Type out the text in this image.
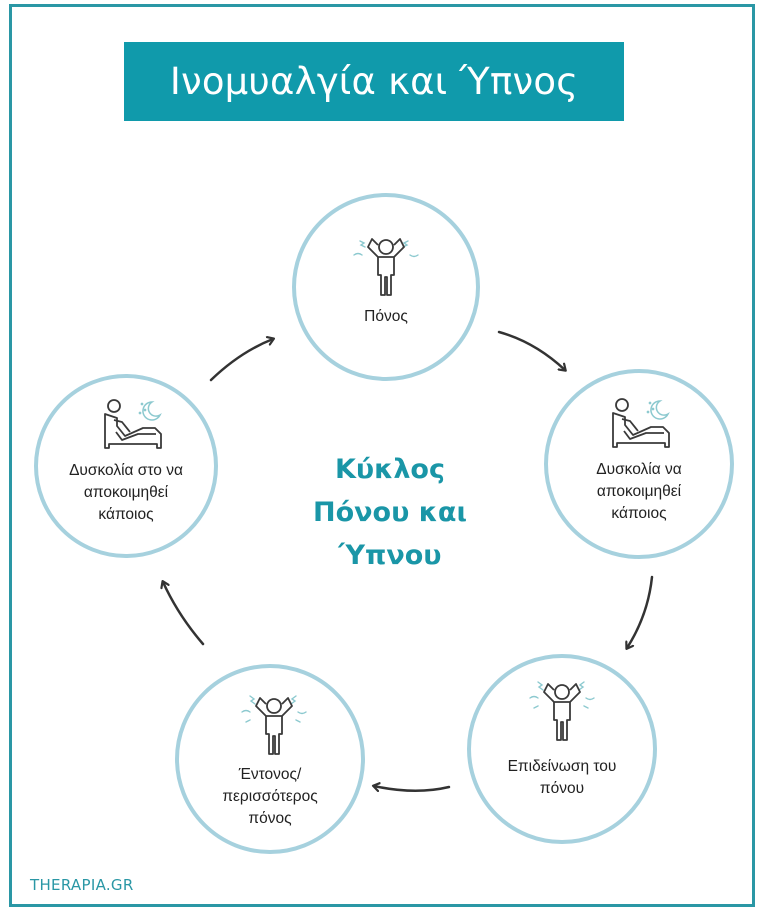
Ινομυαλγία και Ύπνος
Πόνος
Δυσκολία να
αποκοιμηθεί
κάποιος
Επιδείνωση του
πόνου
Έντονος/
περισσότερος
πόνος
Δυσκολία στο να
αποκοιμηθεί
κάποιος
Κύκλος
Πόνου και
Ύπνου
THERAPIA.GR
